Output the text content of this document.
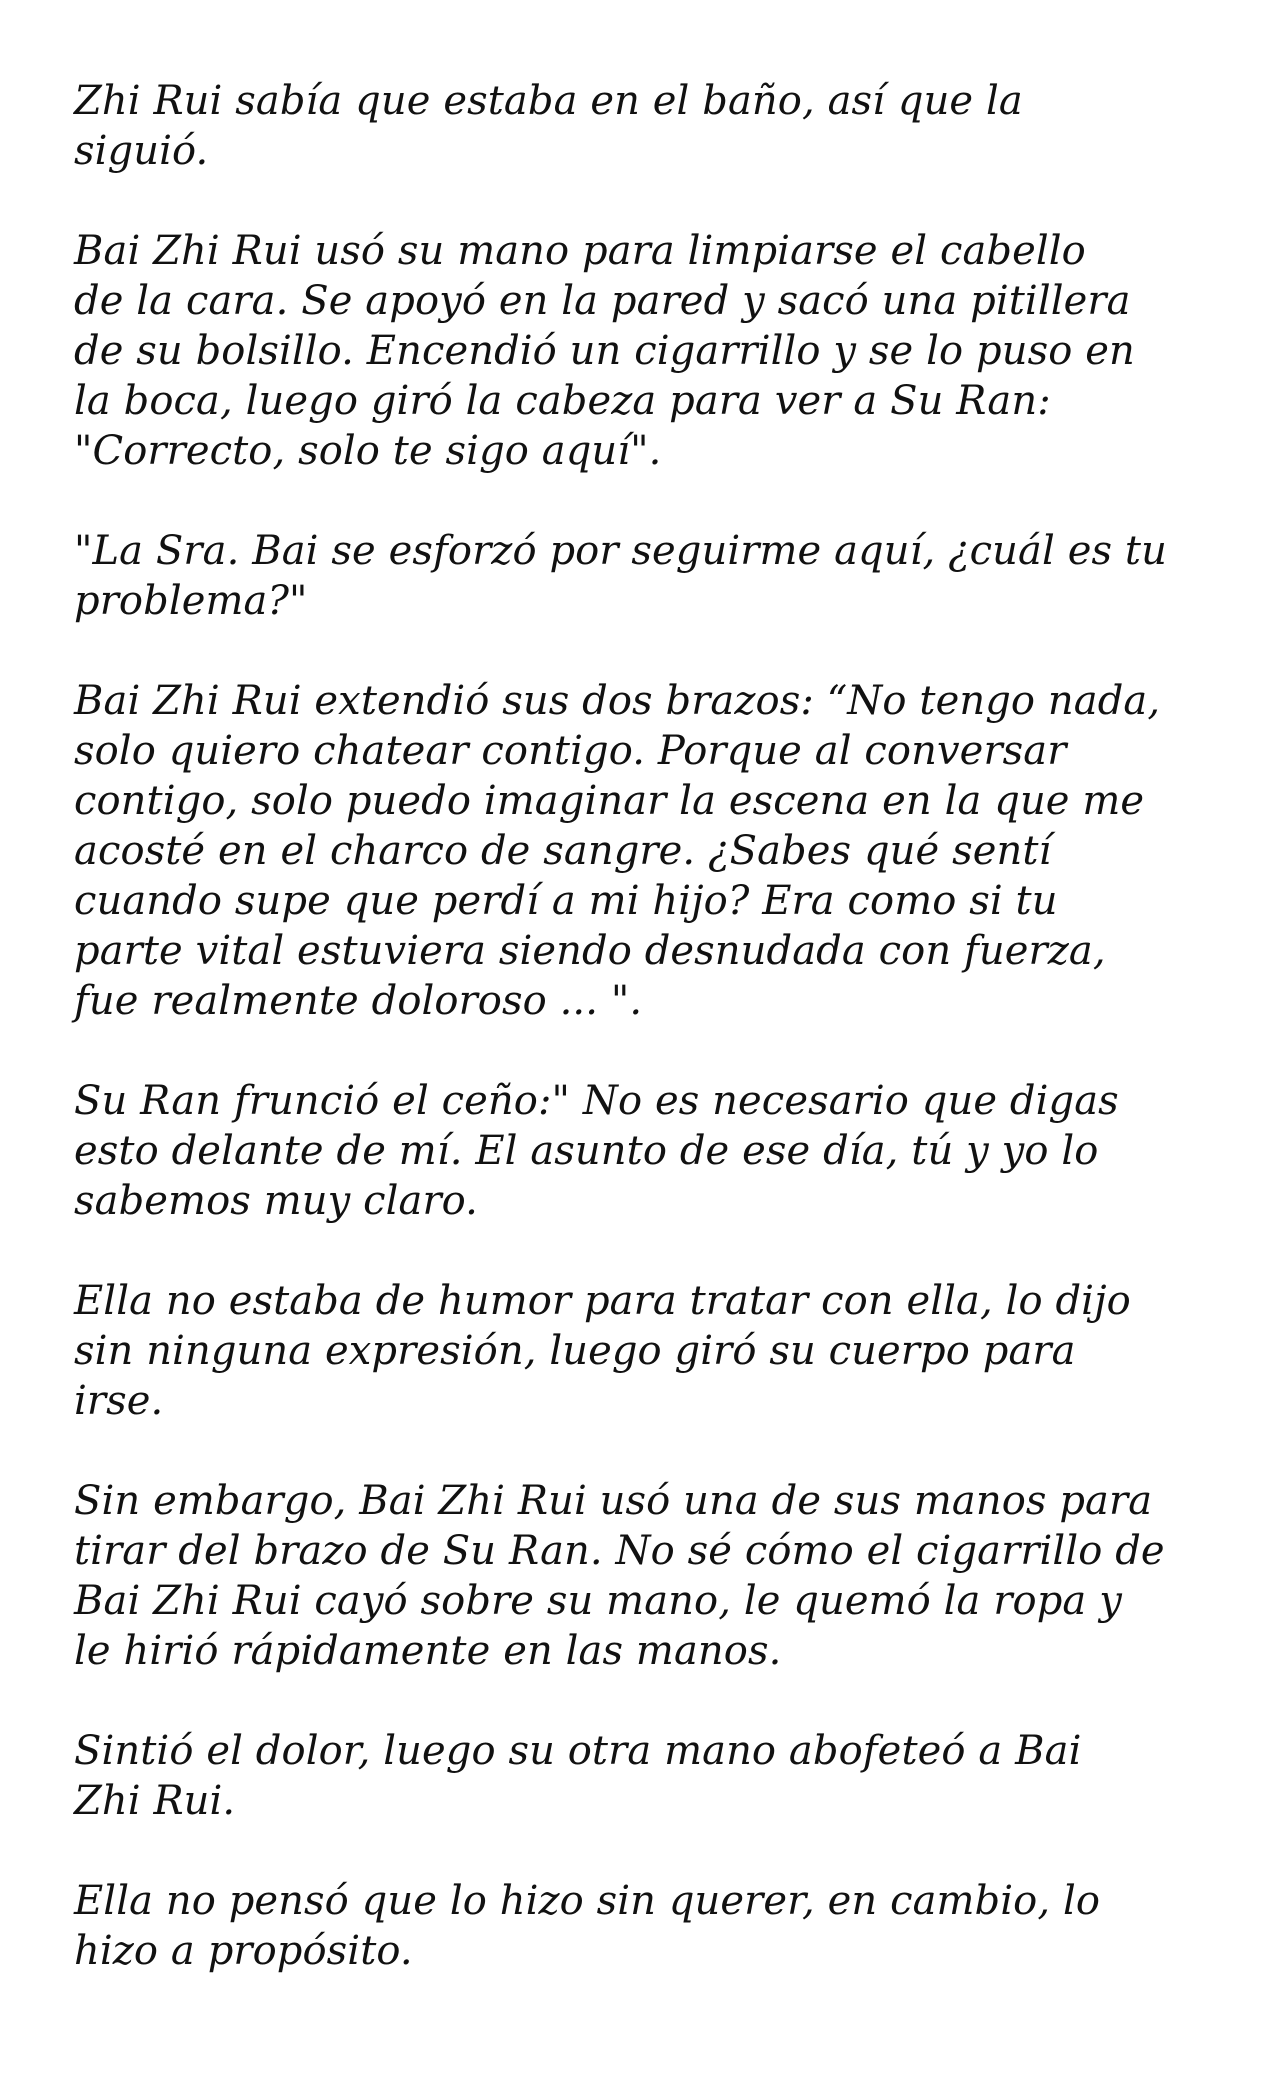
Zhi Rui sabía que estaba en el baño, así que la
siguió.

Bai Zhi Rui usó su mano para limpiarse el cabello
de la cara. Se apoyó en la pared y sacó una pitillera
de su bolsillo. Encendió un cigarrillo y se lo puso en
la boca, luego giró la cabeza para ver a Su Ran:
"Correcto, solo te sigo aquí".

"La Sra. Bai se esforzó por seguirme aquí, ¿cuál es tu
problema?"

Bai Zhi Rui extendió sus dos brazos: “No tengo nada,
solo quiero chatear contigo. Porque al conversar
contigo, solo puedo imaginar la escena en la que me
acosté en el charco de sangre. ¿Sabes qué sentí
cuando supe que perdí a mi hijo? Era como si tu
parte vital estuviera siendo desnudada con fuerza,
fue realmente doloroso ... ".

Su Ran frunció el ceño:" No es necesario que digas
esto delante de mí. El asunto de ese día, tú y yo lo
sabemos muy claro.

Ella no estaba de humor para tratar con ella, lo dijo
sin ninguna expresión, luego giró su cuerpo para
irse.

Sin embargo, Bai Zhi Rui usó una de sus manos para
tirar del brazo de Su Ran. No sé cómo el cigarrillo de
Bai Zhi Rui cayó sobre su mano, le quemó la ropa y
le hirió rápidamente en las manos.

Sintió el dolor, luego su otra mano abofeteó a Bai
Zhi Rui.

Ella no pensó que lo hizo sin querer, en cambio, lo
hizo a propósito.
